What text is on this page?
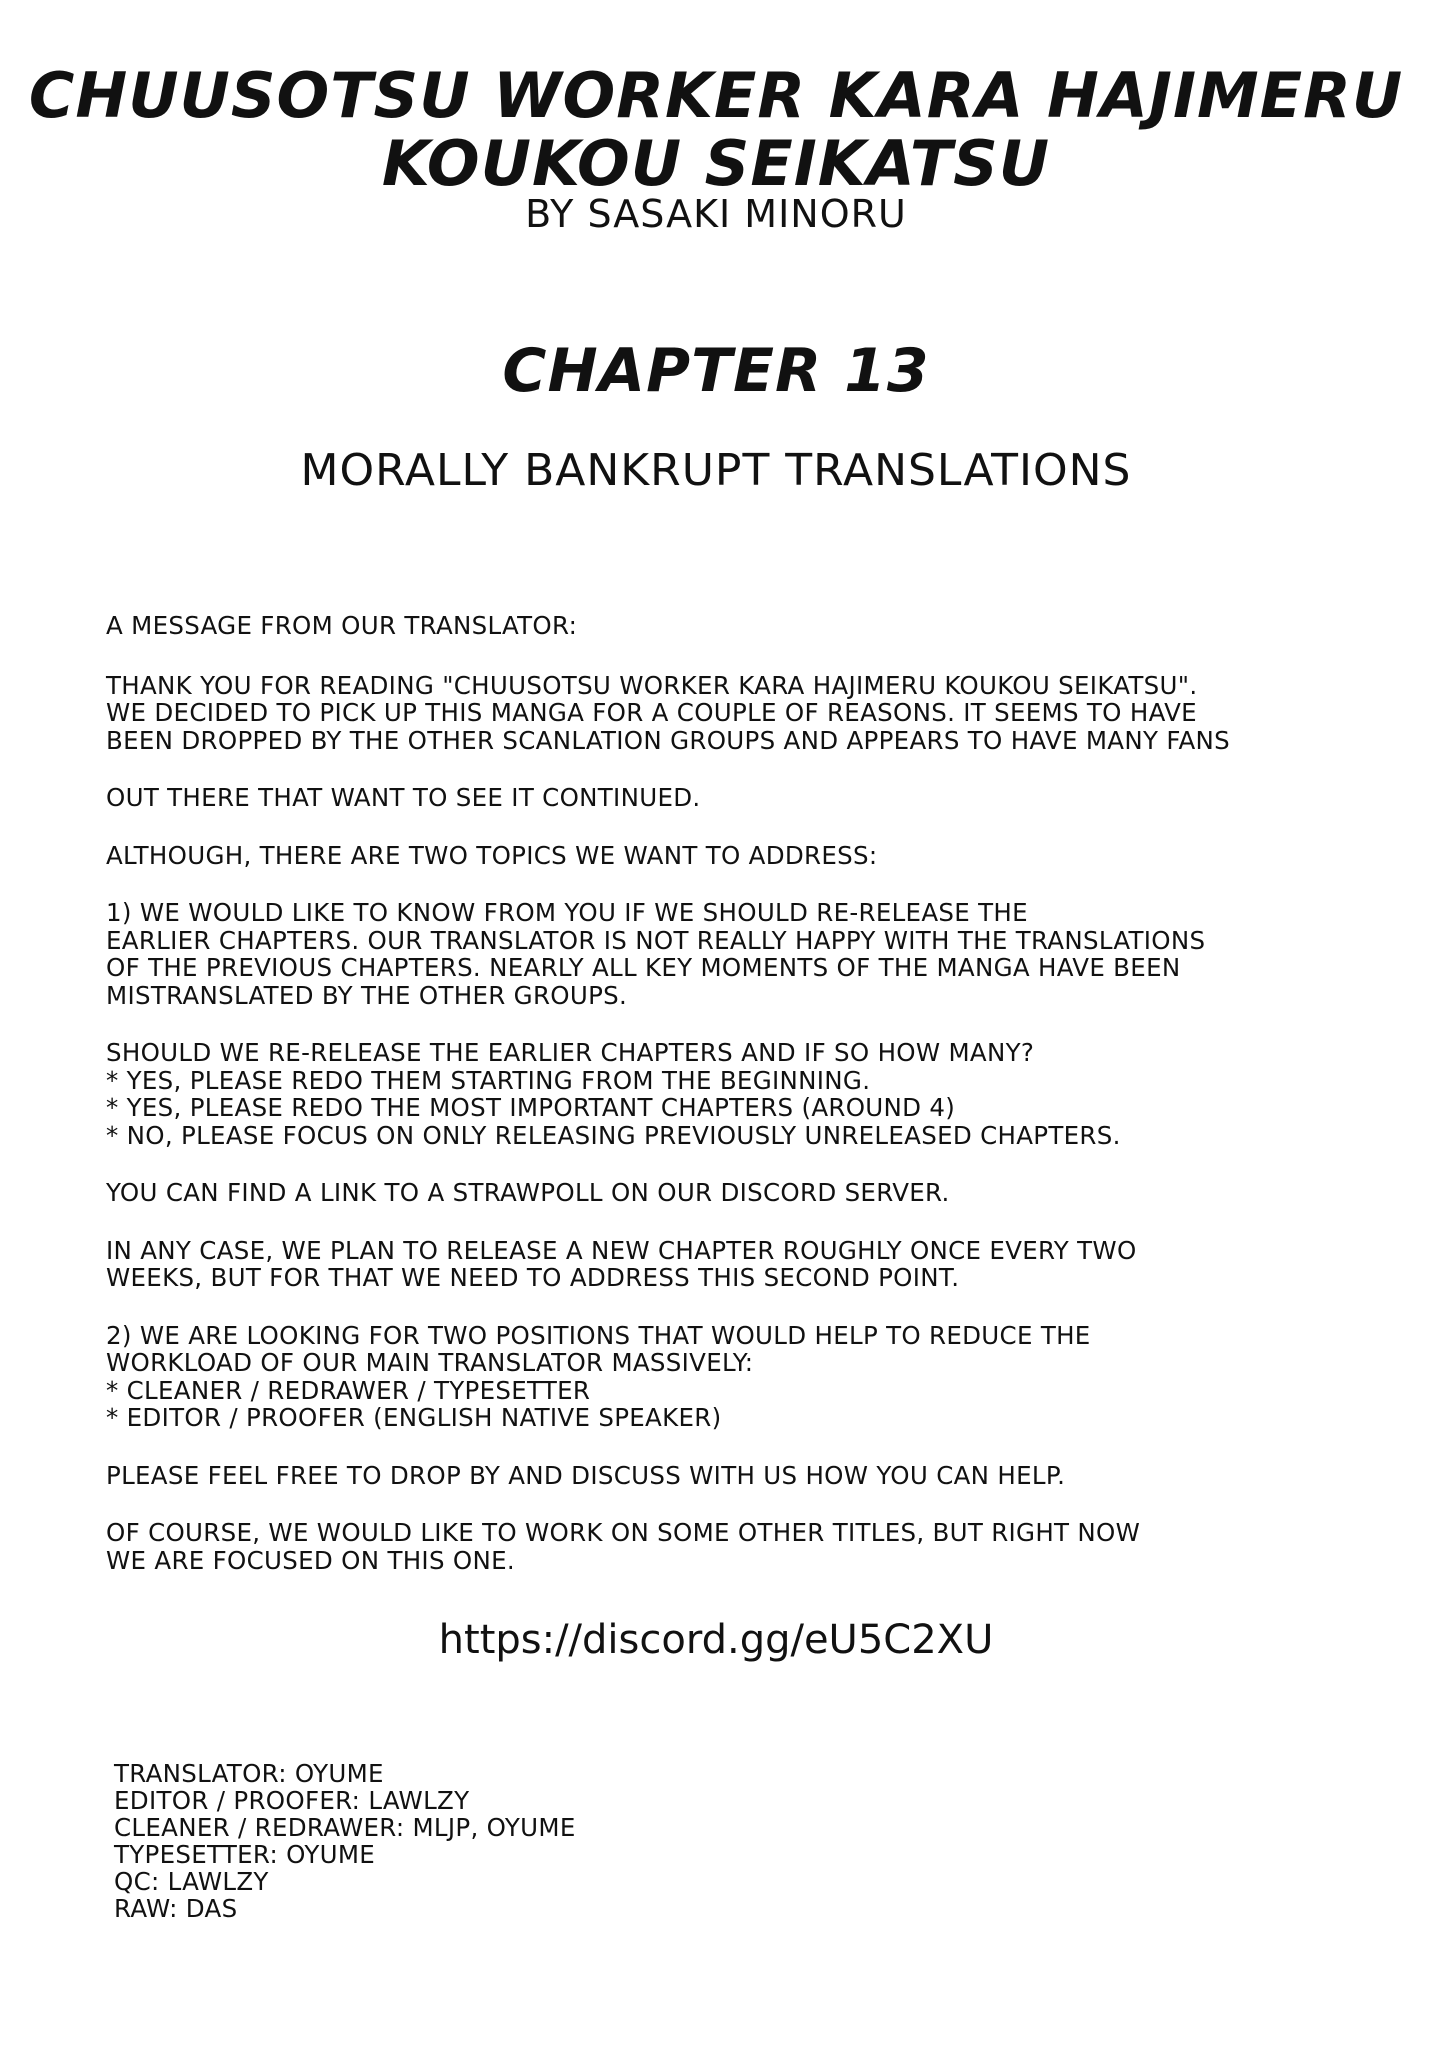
CHUUSOTSU WORKER KARA HAJIMERU
KOUKOU SEIKATSU
BY SASAKI MINORU
CHAPTER 13
MORALLY BANKRUPT TRANSLATIONS

A MESSAGE FROM OUR TRANSLATOR:

THANK YOU FOR READING "CHUUSOTSU WORKER KARA HAJIMERU KOUKOU SEIKATSU".
WE DECIDED TO PICK UP THIS MANGA FOR A COUPLE OF REASONS. IT SEEMS TO HAVE
BEEN DROPPED BY THE OTHER SCANLATION GROUPS AND APPEARS TO HAVE MANY FANS

OUT THERE THAT WANT TO SEE IT CONTINUED.

ALTHOUGH, THERE ARE TWO TOPICS WE WANT TO ADDRESS:

1) WE WOULD LIKE TO KNOW FROM YOU IF WE SHOULD RE-RELEASE THE
EARLIER CHAPTERS. OUR TRANSLATOR IS NOT REALLY HAPPY WITH THE TRANSLATIONS
OF THE PREVIOUS CHAPTERS. NEARLY ALL KEY MOMENTS OF THE MANGA HAVE BEEN
MISTRANSLATED BY THE OTHER GROUPS.

SHOULD WE RE-RELEASE THE EARLIER CHAPTERS AND IF SO HOW MANY?
* YES, PLEASE REDO THEM STARTING FROM THE BEGINNING.
* YES, PLEASE REDO THE MOST IMPORTANT CHAPTERS (AROUND 4)
* NO, PLEASE FOCUS ON ONLY RELEASING PREVIOUSLY UNRELEASED CHAPTERS.

YOU CAN FIND A LINK TO A STRAWPOLL ON OUR DISCORD SERVER.

IN ANY CASE, WE PLAN TO RELEASE A NEW CHAPTER ROUGHLY ONCE EVERY TWO
WEEKS, BUT FOR THAT WE NEED TO ADDRESS THIS SECOND POINT.

2) WE ARE LOOKING FOR TWO POSITIONS THAT WOULD HELP TO REDUCE THE
WORKLOAD OF OUR MAIN TRANSLATOR MASSIVELY:
* CLEANER / REDRAWER / TYPESETTER
* EDITOR / PROOFER (ENGLISH NATIVE SPEAKER)

PLEASE FEEL FREE TO DROP BY AND DISCUSS WITH US HOW YOU CAN HELP.

OF COURSE, WE WOULD LIKE TO WORK ON SOME OTHER TITLES, BUT RIGHT NOW
WE ARE FOCUSED ON THIS ONE.

https://discord.gg/eU5C2XU
TRANSLATOR: OYUME
EDITOR / PROOFER: LAWLZY
CLEANER / REDRAWER: MLJP, OYUME
TYPESETTER: OYUME
QC: LAWLZY
RAW: DAS
